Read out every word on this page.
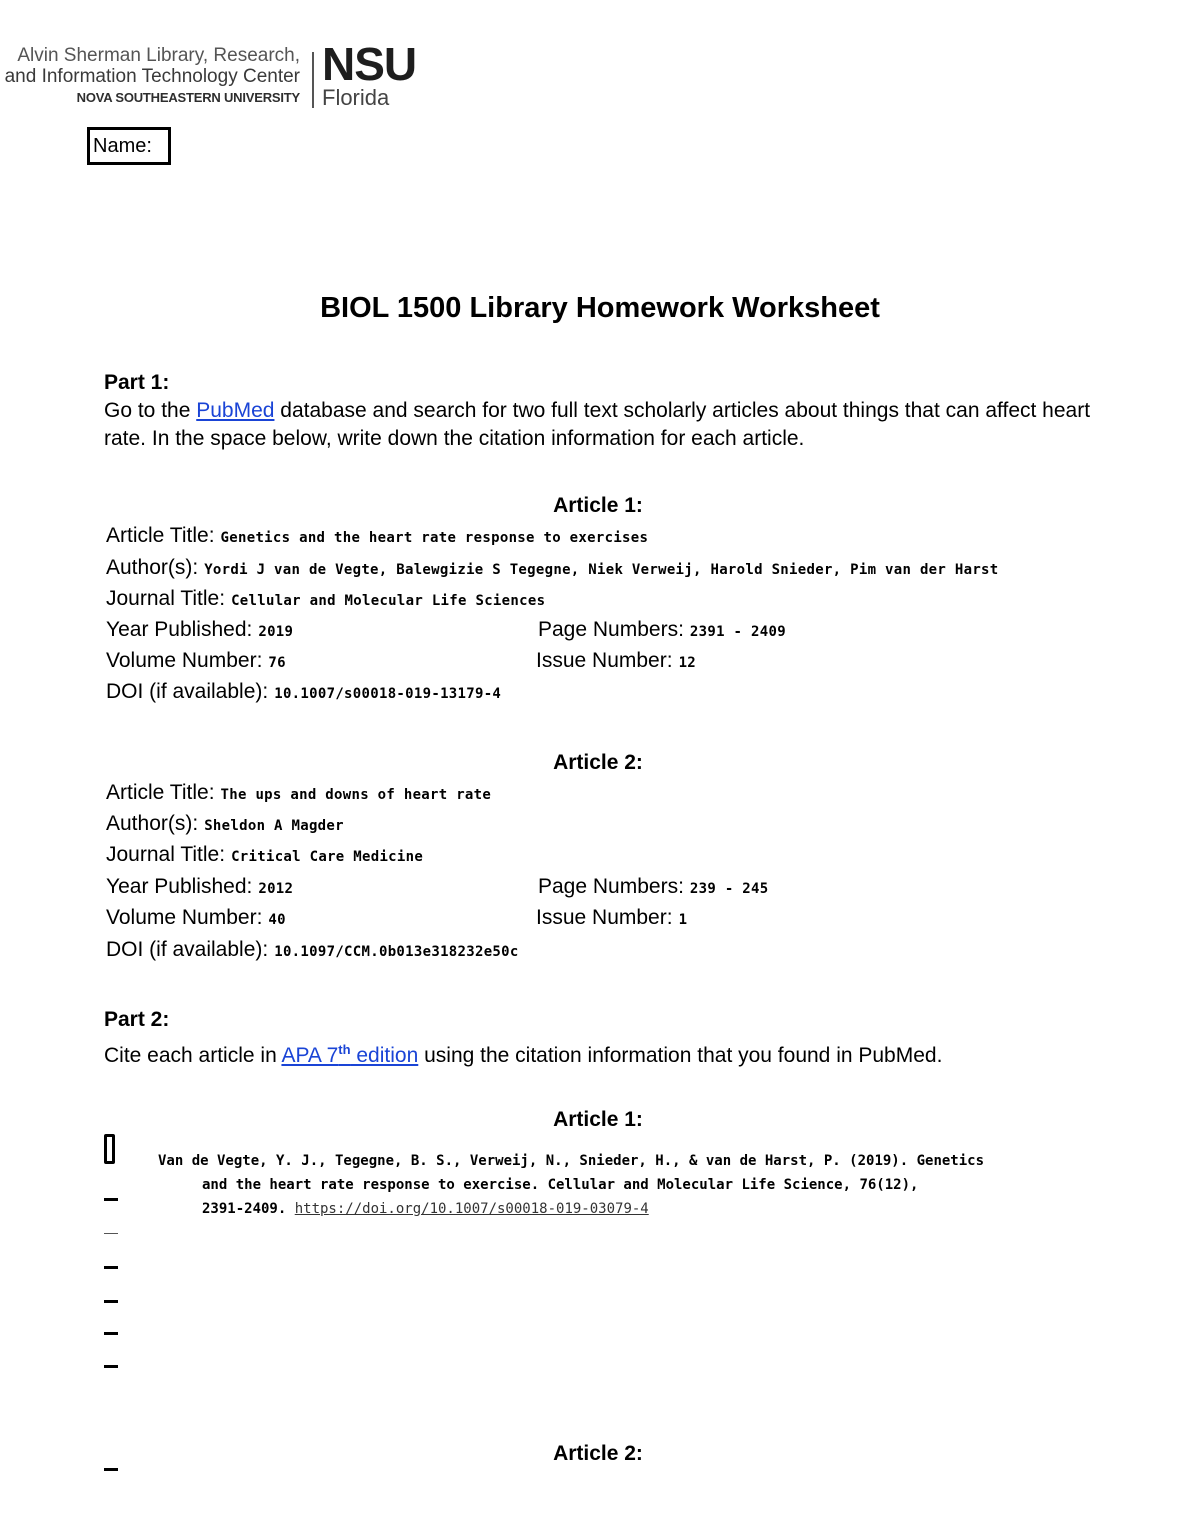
Alvin Sherman Library, Research,
and Information Technology Center
NOVA SOUTHEASTERN UNIVERSITY
NSU
Florida
Name:
BIOL 1500 Library Homework Worksheet
Part 1:
Go to the PubMed database and search for two full text scholarly articles about things that can affect heart rate. In the space below, write down the citation information for each article.
Article 1:
Article Title: Genetics and the heart rate response to exercises
Author(s): Yordi J van de Vegte, Balewgizie S Tegegne, Niek Verweij, Harold Snieder, Pim van der Harst
Journal Title: Cellular and Molecular Life Sciences
Year Published: 2019	Page Numbers: 2391 - 2409
Volume Number: 76	Issue Number: 12
DOI (if available): 10.1007/s00018-019-13179-4
Article 2:
Article Title: The ups and downs of heart rate
Author(s): Sheldon A Magder
Journal Title: Critical Care Medicine
Year Published: 2012	Page Numbers: 239 - 245
Volume Number: 40	Issue Number: 1
DOI (if available): 10.1097/CCM.0b013e318232e50c
Part 2:
Cite each article in APA 7th edition using the citation information that you found in PubMed.
Article 1:
Van de Vegte, Y. J., Tegegne, B. S., Verweij, N., Snieder, H., & van de Harst, P. (2019). Genetics
and the heart rate response to exercise. Cellular and Molecular Life Science, 76(12),
2391-2409. https://doi.org/10.1007/s00018-019-03079-4
Article 2:
